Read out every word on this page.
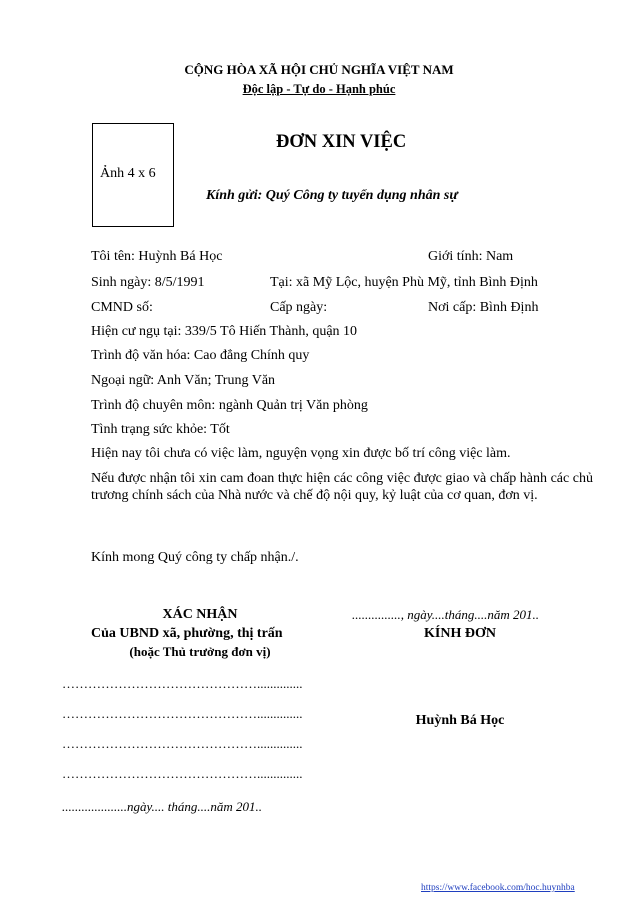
CỘNG HÒA XÃ HỘI CHỦ NGHĨA VIỆT NAM
Độc lập - Tự do - Hạnh phúc
Ảnh 4 x 6
ĐƠN XIN VIỆC
Kính gửi: Quý Công ty tuyển dụng nhân sự
Tôi tên: Huỳnh Bá Học	Giới tính: Nam
Sinh ngày: 8/5/1991	Tại: xã Mỹ Lộc, huyện Phù Mỹ, tỉnh Bình Định
CMND số:	Cấp ngày:	Nơi cấp: Bình Định
Hiện cư ngụ tại: 339/5 Tô Hiến Thành, quận 10
Trình độ văn hóa: Cao đẳng Chính quy
Ngoại ngữ: Anh Văn; Trung Văn
Trình độ chuyên môn: ngành Quản trị Văn phòng
Tình trạng sức khỏe: Tốt
Hiện nay tôi chưa có việc làm, nguyện vọng xin được bố trí công việc làm.
Nếu được nhận tôi xin cam đoan thực hiện các công việc được giao và chấp hành các chủ trương chính sách của Nhà nước và chế độ nội quy, kỷ luật của cơ quan, đơn vị.
Kính mong Quý công ty chấp nhận./.
XÁC NHẬN
Của UBND xã, phường, thị trấn
(hoặc Thủ trưởng đơn vị)
………………………………………..............
………………………………………..............
………………………………………..............
………………………………………..............
....................ngày.... tháng....năm 201..
..............., ngày....tháng....năm 201..
KÍNH ĐƠN
Huỳnh Bá Học
https://www.facebook.com/hoc.huynhba
